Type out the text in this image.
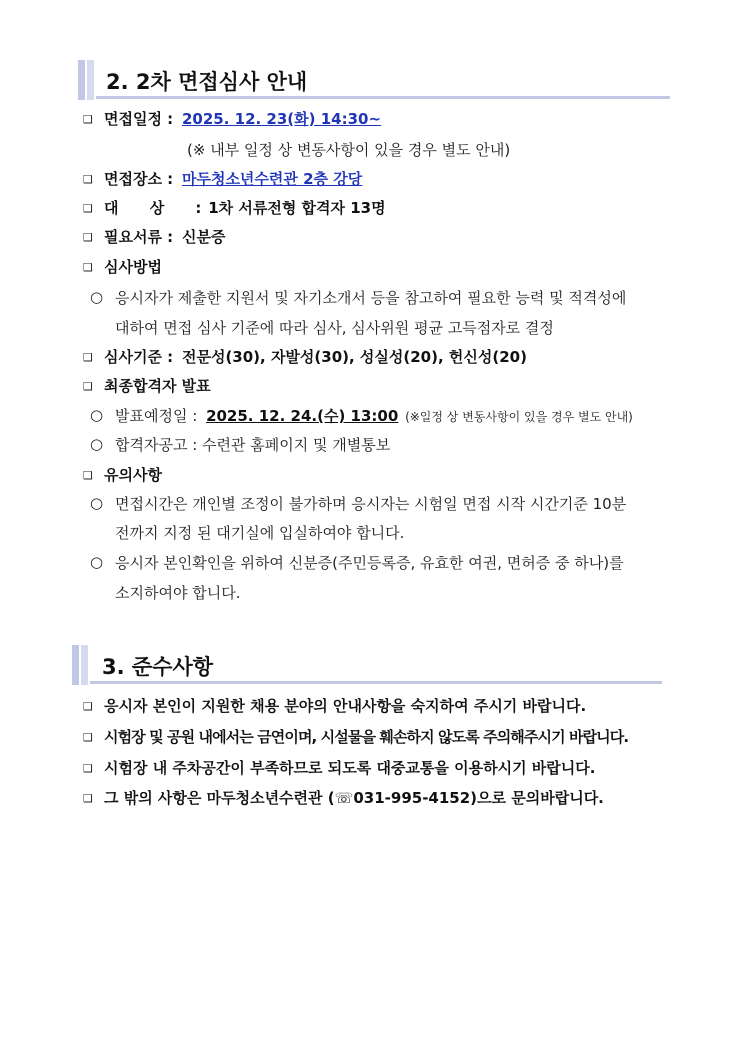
2. 2차 면접심사 안내
❑ 면접일정 : 2025. 12. 23(화) 14:30~
(※ 내부 일정 상 변동사항이 있을 경우 별도 안내)
❑ 면접장소 : 마두청소년수련관 2층 강당
❑ 대 상 : 1차 서류전형 합격자 13명
❑ 필요서류 : 신분증
❑ 심사방법
○ 응시자가 제출한 지원서 및 자기소개서 등을 참고하여 필요한 능력 및 적격성에
대하여 면접 심사 기준에 따라 심사, 심사위원 평균 고득점자로 결정
❑ 심사기준 : 전문성(30), 자발성(30), 성실성(20), 헌신성(20)
❑ 최종합격자 발표
○ 발표예정일 : 2025. 12. 24.(수) 13:00 (※일정 상 변동사항이 있을 경우 별도 안내)
○ 합격자공고 : 수련관 홈페이지 및 개별통보
❑ 유의사항
○ 면접시간은 개인별 조정이 불가하며 응시자는 시험일 면접 시작 시간기준 10분
전까지 지정 된 대기실에 입실하여야 합니다.
○ 응시자 본인확인을 위하여 신분증(주민등록증, 유효한 여권, 면허증 중 하나)를
소지하여야 합니다.
3. 준수사항
❑ 응시자 본인이 지원한 채용 분야의 안내사항을 숙지하여 주시기 바랍니다.
❑ 시험장 및 공원 내에서는 금연이며, 시설물을 훼손하지 않도록 주의해주시기 바랍니다.
❑ 시험장 내 주차공간이 부족하므로 되도록 대중교통을 이용하시기 바랍니다.
❑ 그 밖의 사항은 마두청소년수련관 (☏031-995-4152)으로 문의바랍니다.
